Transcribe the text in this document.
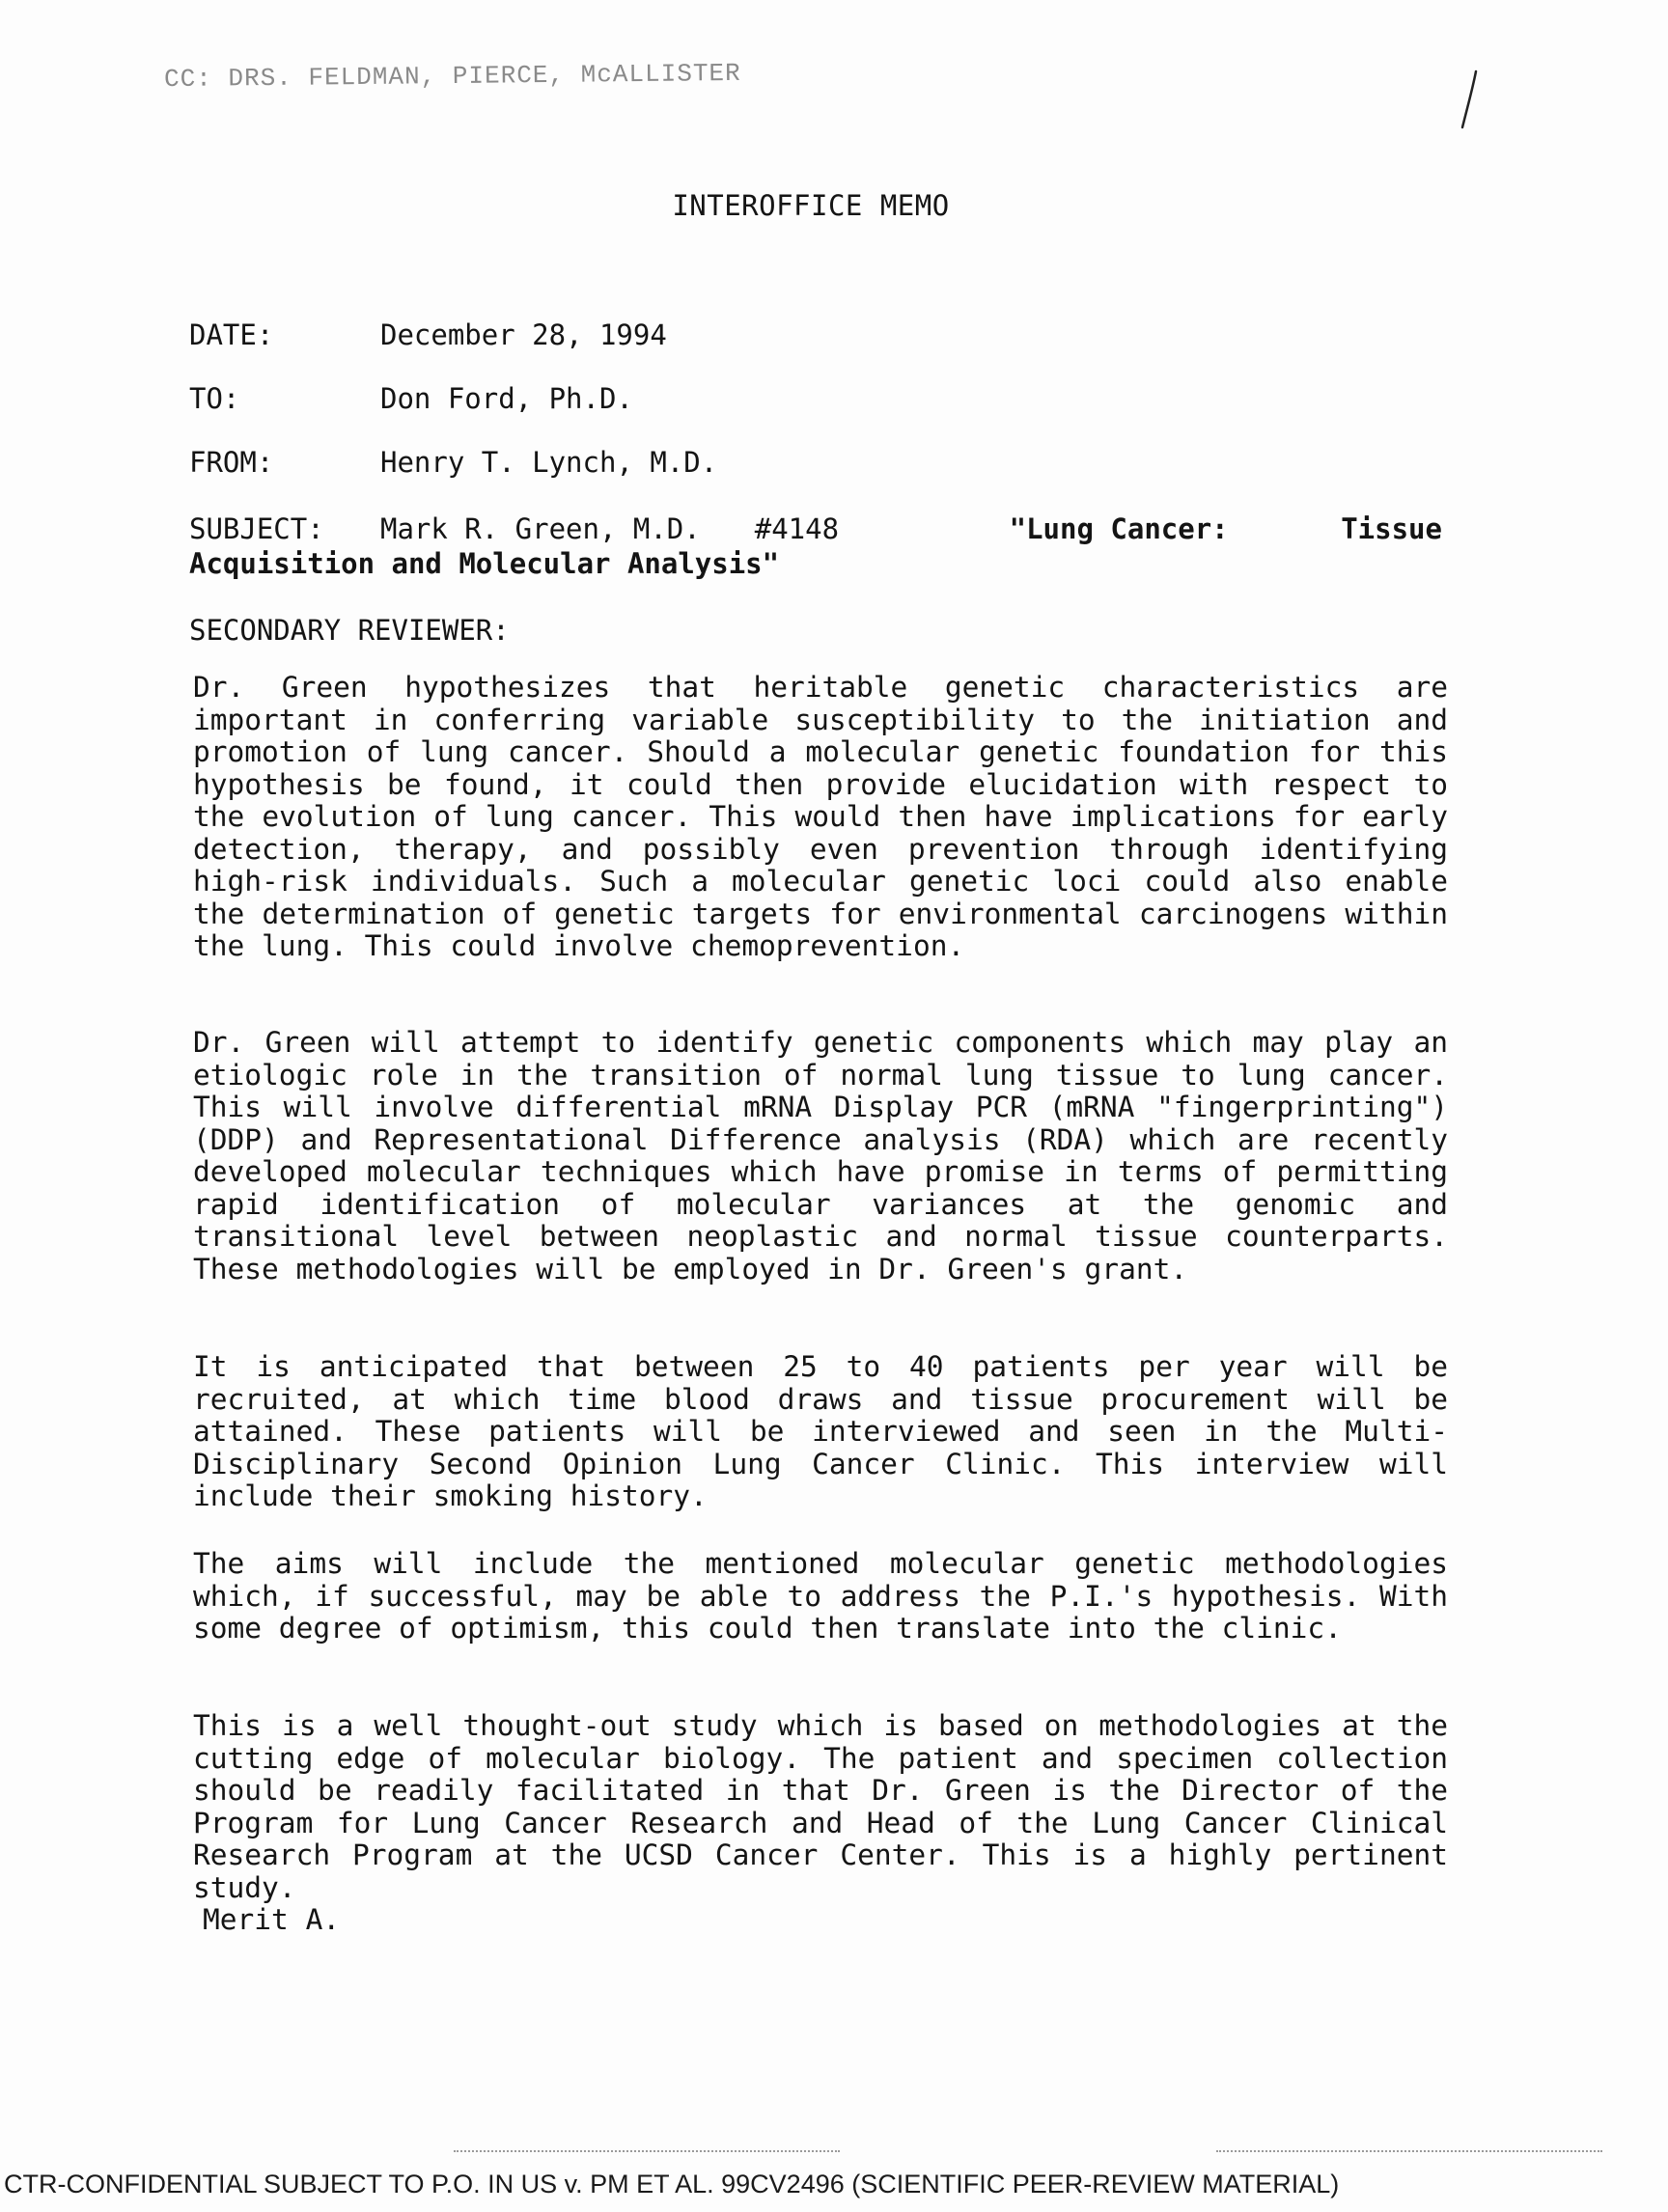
CC: DRS. FELDMAN, PIERCE, McALLISTER
INTEROFFICE MEMO
DATE:	December 28, 1994
TO:	Don Ford, Ph.D.
FROM:	Henry T. Lynch, M.D.
SUBJECT: Mark R. Green, M.D. #4148	"Lung Cancer:	Tissue
Acquisition and Molecular Analysis"
SECONDARY REVIEWER:

Dr. Green hypothesizes that heritable genetic characteristics are important in conferring variable susceptibility to the initiation and promotion of lung cancer. Should a molecular genetic foundation for this hypothesis be found, it could then provide elucidation with respect to the evolution of lung cancer. This would then have implications for early detection, therapy, and possibly even prevention through identifying high-risk individuals. Such a molecular genetic loci could also enable the determination of genetic targets for environmental carcinogens within the lung. This could involve chemoprevention.

Dr. Green will attempt to identify genetic components which may play an etiologic role in the transition of normal lung tissue to lung cancer. This will involve differential mRNA Display PCR (mRNA "fingerprinting") (DDP) and Representational Difference analysis (RDA) which are recently developed molecular techniques which have promise in terms of permitting rapid identification of molecular variances at the genomic and transitional level between neoplastic and normal tissue counterparts. These methodologies will be employed in Dr. Green's grant.

It is anticipated that between 25 to 40 patients per year will be recruited, at which time blood draws and tissue procurement will be attained. These patients will be interviewed and seen in the Multi-Disciplinary Second Opinion Lung Cancer Clinic. This interview will include their smoking history.

The aims will include the mentioned molecular genetic methodologies which, if successful, may be able to address the P.I.'s hypothesis. With some degree of optimism, this could then translate into the clinic.

This is a well thought-out study which is based on methodologies at the cutting edge of molecular biology. The patient and specimen collection should be readily facilitated in that Dr. Green is the Director of the Program for Lung Cancer Research and Head of the Lung Cancer Clinical Research Program at the UCSD Cancer Center. This is a highly pertinent study.

Merit A.
CTR-CONFIDENTIAL SUBJECT TO P.O. IN US v. PM ET AL. 99CV2496 (SCIENTIFIC PEER-REVIEW MATERIAL)
